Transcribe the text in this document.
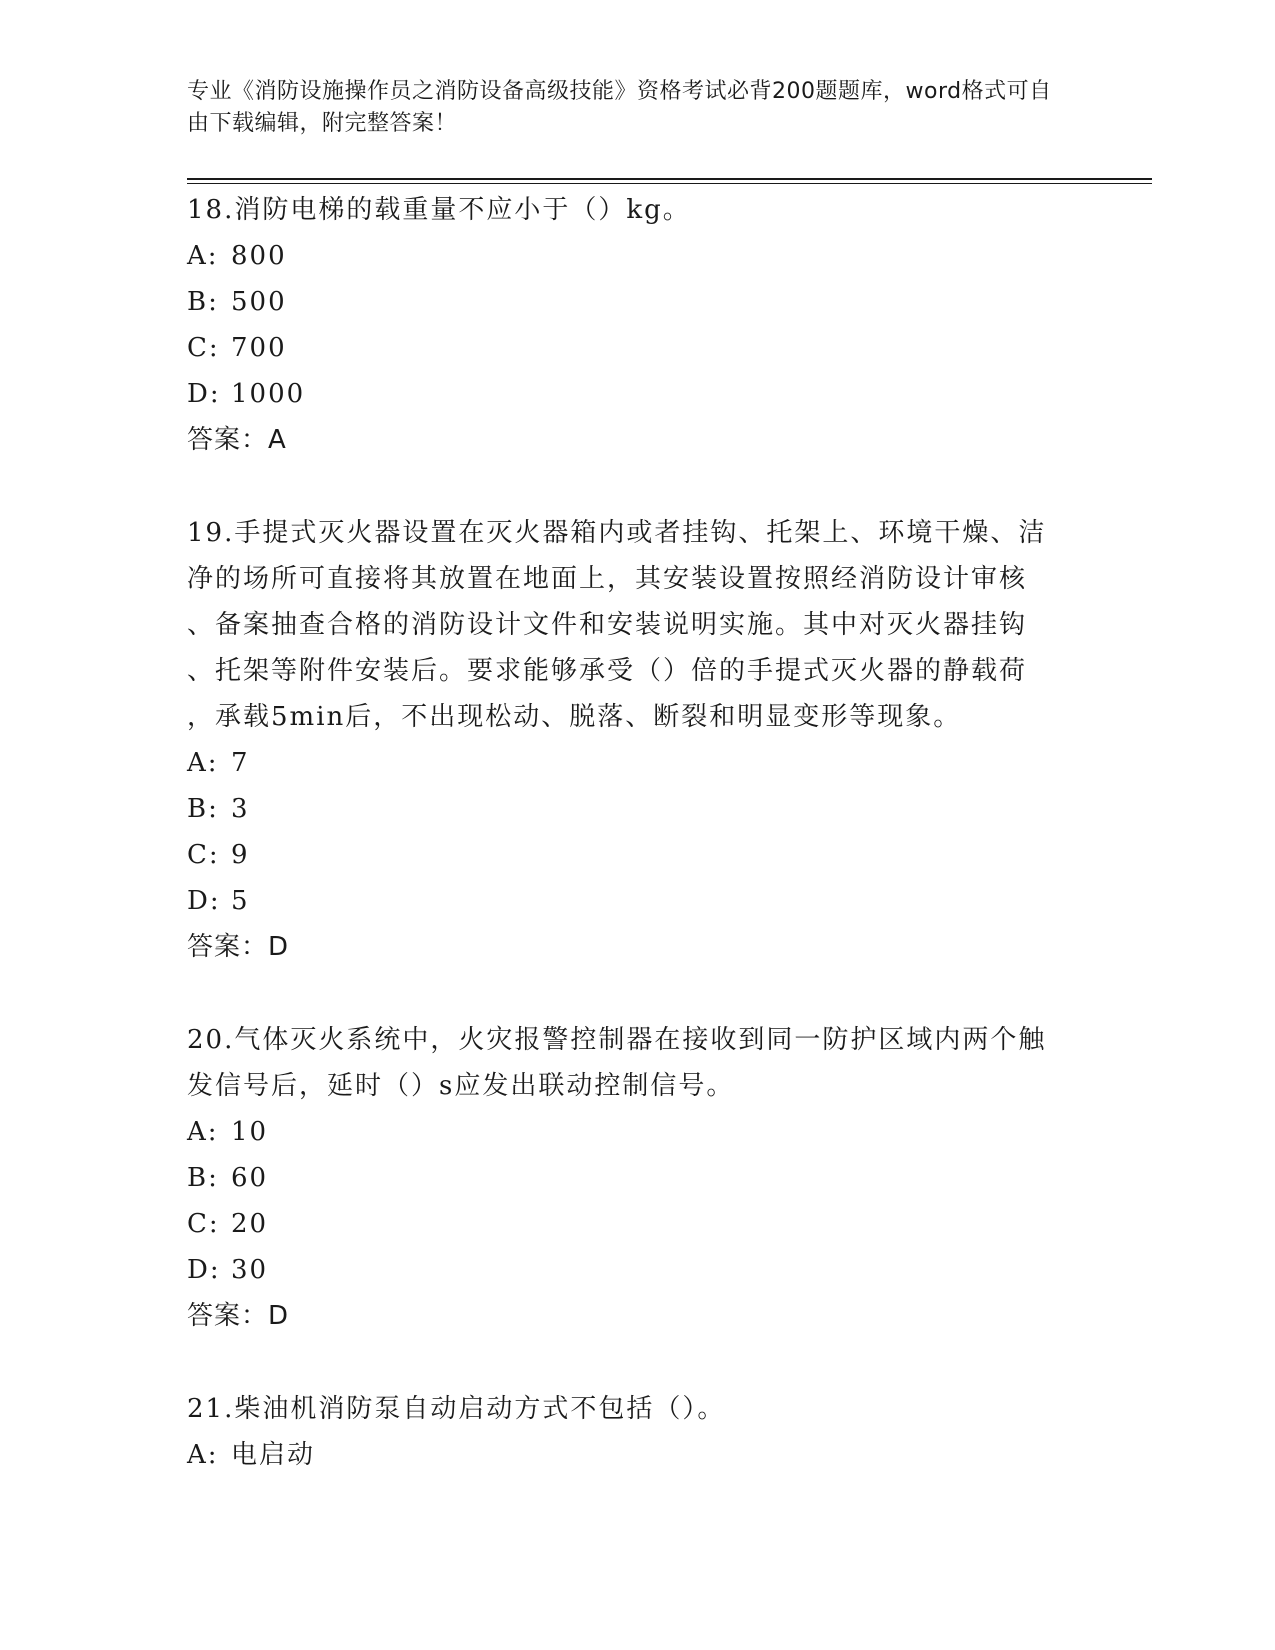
专业《消防设施操作员之消防设备高级技能》资格考试必背200题题库，word格式可自由下载编辑，附完整答案！
18.消防电梯的载重量不应小于（）kg。
A: 800
B: 500
C: 700
D: 1000
答案：A
19.手提式灭火器设置在灭火器箱内或者挂钩、托架上、环境干燥、洁
净的场所可直接将其放置在地面上，其安装设置按照经消防设计审核
、备案抽查合格的消防设计文件和安装说明实施。其中对灭火器挂钩
、托架等附件安装后。要求能够承受（）倍的手提式灭火器的静载荷
，承载5min后，不出现松动、脱落、断裂和明显变形等现象。
A: 7
B: 3
C: 9
D: 5
答案：D
20.气体灭火系统中，火灾报警控制器在接收到同一防护区域内两个触
发信号后，延时（）s应发出联动控制信号。
A: 10
B: 60
C: 20
D: 30
答案：D
21.柴油机消防泵自动启动方式不包括（）。
A: 电启动
